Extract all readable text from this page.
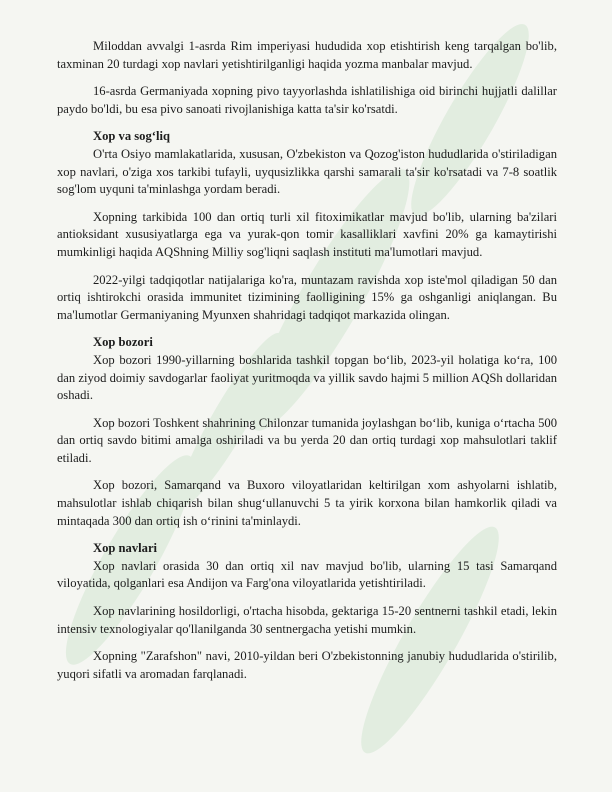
Miloddan avvalgi 1-asrda Rim imperiyasi hududida xop etishtirish keng tarqalgan bo'lib, taxminan 20 turdagi xop navlari yetishtirilganligi haqida yozma manbalar mavjud.

16-asrda Germaniyada xopning pivo tayyorlashda ishlatilishiga oid birinchi hujjatli dalillar paydo bo'ldi, bu esa pivo sanoati rivojlanishiga katta ta'sir ko'rsatdi.

Xop va sog‘liq

O'rta Osiyo mamlakatlarida, xususan, O'zbekiston va Qozog'iston hududlarida o'stiriladigan xop navlari, o'ziga xos tarkibi tufayli, uyqusizlikka qarshi samarali ta'sir ko'rsatadi va 7-8 soatlik sog'lom uyquni ta'minlashga yordam beradi.

Xopning tarkibida 100 dan ortiq turli xil fitoximikatlar mavjud bo'lib, ularning ba'zilari antioksidant xususiyatlarga ega va yurak-qon tomir kasalliklari xavfini 20% ga kamaytirishi mumkinligi haqida AQShning Milliy sog'liqni saqlash instituti ma'lumotlari mavjud.

2022-yilgi tadqiqotlar natijalariga ko'ra, muntazam ravishda xop iste'mol qiladigan 50 dan ortiq ishtirokchi orasida immunitet tizimining faolligining 15% ga oshganligi aniqlangan. Bu ma'lumotlar Germaniyaning Myunxen shahridagi tadqiqot markazida olingan.

Xop bozori

Xop bozori 1990-yillarning boshlarida tashkil topgan bo‘lib, 2023-yil holatiga ko‘ra, 100 dan ziyod doimiy savdogarlar faoliyat yuritmoqda va yillik savdo hajmi 5 million AQSh dollaridan oshadi.

Xop bozori Toshkent shahrining Chilonzar tumanida joylashgan bo‘lib, kuniga o‘rtacha 500 dan ortiq savdo bitimi amalga oshiriladi va bu yerda 20 dan ortiq turdagi xop mahsulotlari taklif etiladi.

Xop bozori, Samarqand va Buxoro viloyatlaridan keltirilgan xom ashyolarni ishlatib, mahsulotlar ishlab chiqarish bilan shug‘ullanuvchi 5 ta yirik korxona bilan hamkorlik qiladi va mintaqada 300 dan ortiq ish o‘rinini ta'minlaydi.

Xop navlari

Xop navlari orasida 30 dan ortiq xil nav mavjud bo'lib, ularning 15 tasi Samarqand viloyatida, qolganlari esa Andijon va Farg'ona viloyatlarida yetishtiriladi.

Xop navlarining hosildorligi, o'rtacha hisobda, gektariga 15-20 sentnerni tashkil etadi, lekin intensiv texnologiyalar qo'llanilganda 30 sentnergacha yetishi mumkin.

Xopning "Zarafshon" navi, 2010-yildan beri O'zbekistonning janubiy hududlarida o'stirilib, yuqori sifatli va aromadan farqlanadi.
